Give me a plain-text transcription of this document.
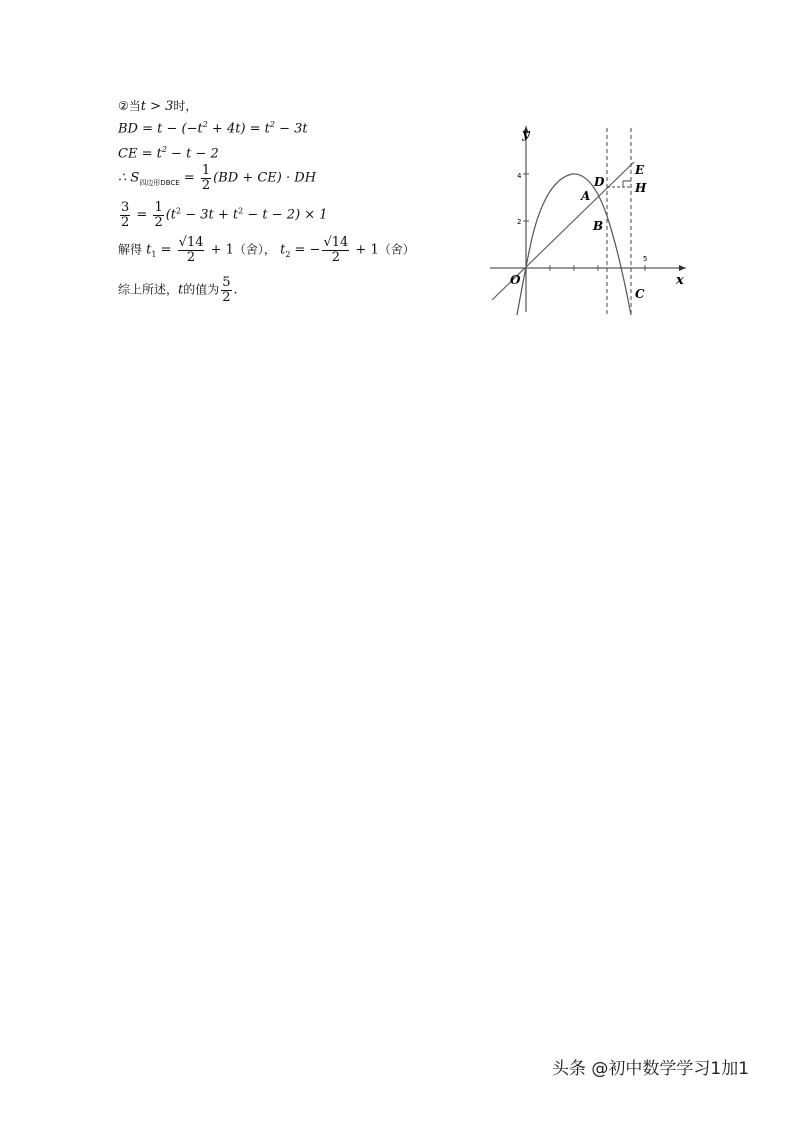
②当t > 3时，
BD = $t - (-t^2 + 4t) = t^2 - 3t$
CE = $t^2 - t - 2$
∴ $S_{四边形DBCE} = \frac{1}{2} (BD + CE)$ · DH
$\frac{3}{2} = \frac{1}{2} (t^2 - 3t + t^2 - t - 2) \times 1$
解得 $t_1 = \frac{√14}{2} + 1$（舍）， $t_2$ = − $\frac{√14}{2} + 1$（舍）
综上所述，t的值为 $\frac{5}{2}$ .
4
2
5
y
x
O
E
D	H
A
B
C
头条 @初中数学学习1加1
